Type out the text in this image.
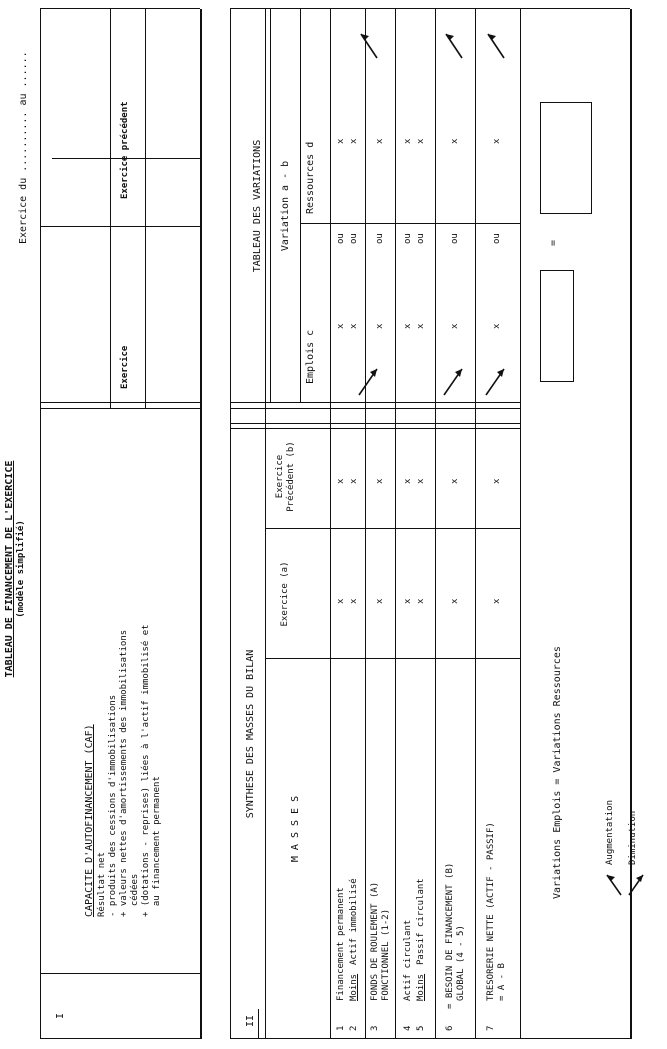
TABLEAU DE FINANCEMENT DE L'EXERCICE (modèle simplifié)
Exercice du .......... au ......
I
CAPACITE D'AUTOFINANCEMENT (CAF) Résultat net - produits des cessions d'immobilisations + valeurs nettes d'amortissements des immobilisations cédées + (dotations - reprises) liées à l'actif immobilisé et au financement permanent
Exercice
Exercice précédent
II
SYNTHESE DES MASSES DU BILAN
M A S S E S
Exercice (a)
Exercice Précédent (b)
TABLEAU DES VARIATIONS Variation a - b
Emplois c
Ressources d
1
Financement permanent
x
x
x
ou
x
2
Moins
Actif immobilisé
x
x
x
ou
x
3
FONDS DE ROULEMENT (A) FONCTIONNEL (1-2)
x
x
x
ou
x
4
Actif circulant
x
x
x
ou
x
5
Moins
Passif circulant
x
x
x
ou
x
6
= BESOIN DE FINANCEMENT (B) GLOBAL (4 - 5)
x
x
x
ou
x
7
TRESORERIE NETTE (ACTIF - PASSIF) = A - B
x
x
x
ou
x
Variations Emplois = Variations Ressources
=
Augmentation Diminution
